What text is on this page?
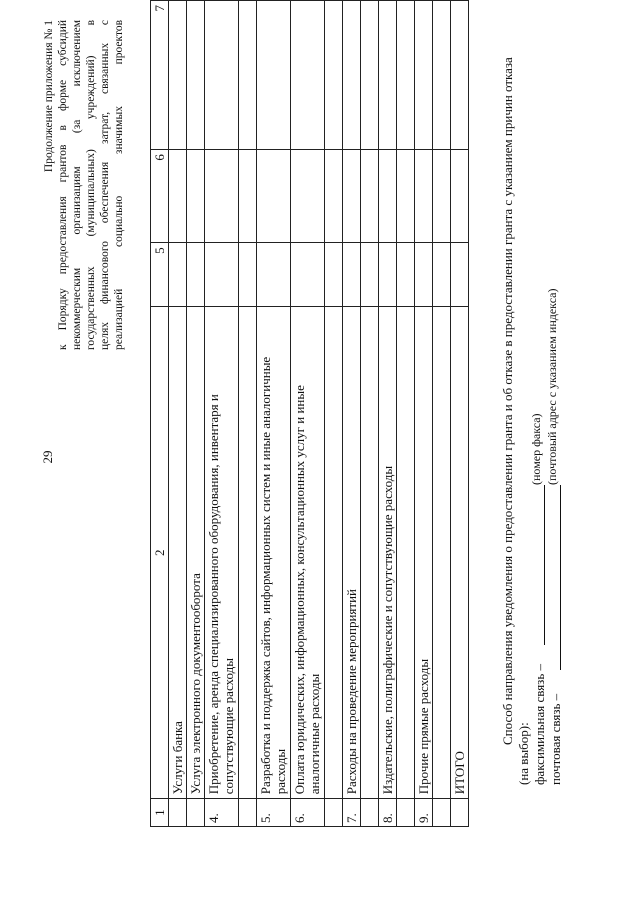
29
Продолжение приложения № 1 к Порядку предоставления грантов в форме субсидий некоммерческим организациям (за исключением государственных (муниципальных) учреждений) в целях финансового обеспечения затрат, связанных с реализацией социально значимых проектов
1	2	5	6	7
	Услуги банка			
	Услуга электронного документооборота			
4.	Приобретение, аренда специализированного оборудования, инвентаря и сопутствующие расходы			

5.	Разработка и поддержка сайтов, информационных систем и иные аналогичные расходы			
6.	Оплата юридических, информационных, консультационных услуг и иные аналогичные расходы			

7.	Расходы на проведение мероприятий			

8.	Издательские, полиграфические и сопутствующие расходы			

9.	Прочие прямые расходы			

	ИТОГО			

Способ направления уведомления о предоставлении гранта и об отказе в предоставлении гранта с указанием причин отказа (на выбор): факсимильная связь –
(номер факса)
почтовая связь –
(почтовый адрес с указанием индекса)
